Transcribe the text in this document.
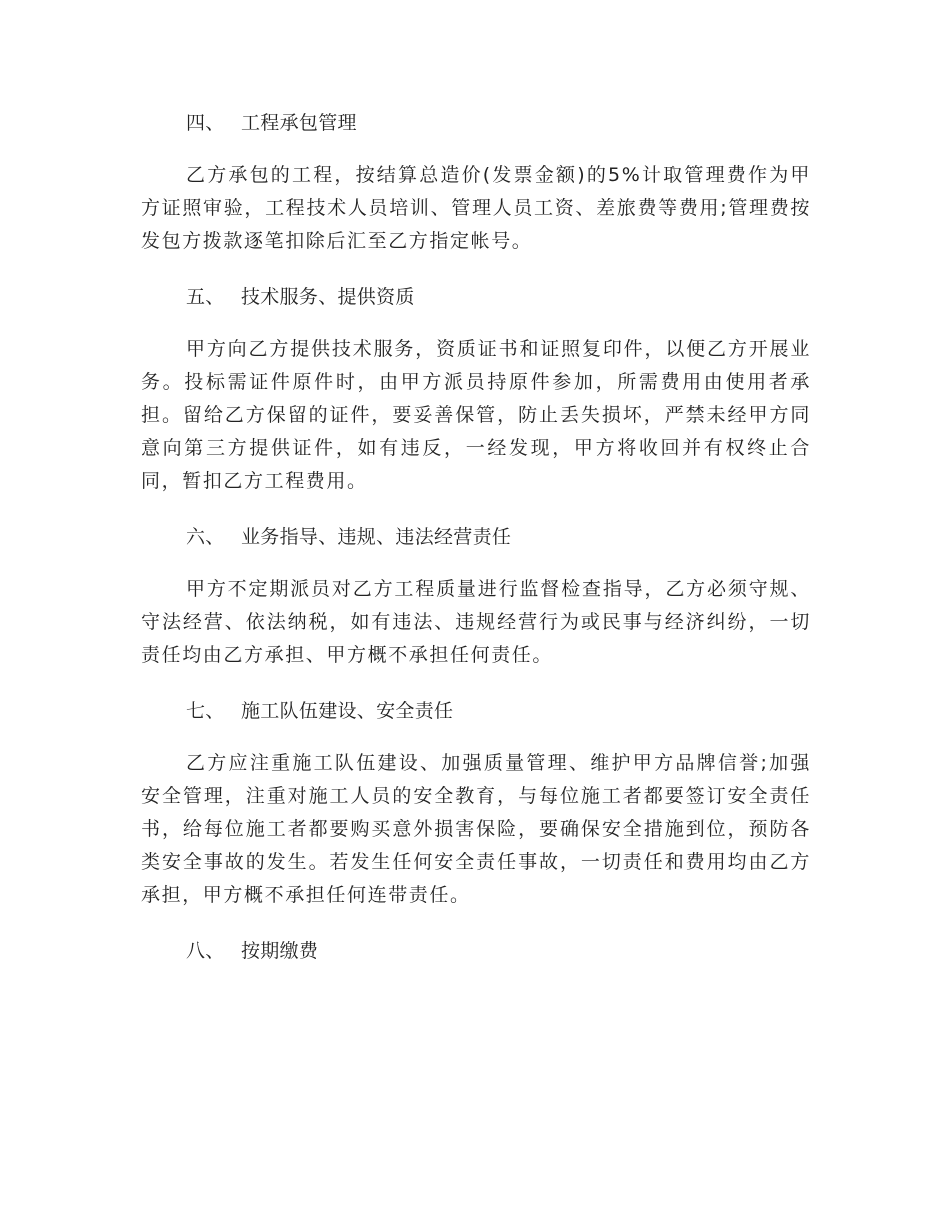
四、 工程承包管理

乙方承包的工程，按结算总造价(发票金额)的5%计取管理费作为甲方证照审验，工程技术人员培训、管理人员工资、差旅费等费用;管理费按发包方拨款逐笔扣除后汇至乙方指定帐号。

五、 技术服务、提供资质

甲方向乙方提供技术服务，资质证书和证照复印件，以便乙方开展业务。投标需证件原件时，由甲方派员持原件参加，所需费用由使用者承担。留给乙方保留的证件，要妥善保管，防止丢失损坏，严禁未经甲方同意向第三方提供证件，如有违反，一经发现，甲方将收回并有权终止合同，暂扣乙方工程费用。

六、 业务指导、违规、违法经营责任

甲方不定期派员对乙方工程质量进行监督检查指导，乙方必须守规、守法经营、依法纳税，如有违法、违规经营行为或民事与经济纠纷，一切责任均由乙方承担、甲方概不承担任何责任。

七、 施工队伍建设、安全责任

乙方应注重施工队伍建设、加强质量管理、维护甲方品牌信誉;加强安全管理，注重对施工人员的安全教育，与每位施工者都要签订安全责任书，给每位施工者都要购买意外损害保险，要确保安全措施到位，预防各类安全事故的发生。若发生任何安全责任事故，一切责任和费用均由乙方承担，甲方概不承担任何连带责任。

八、 按期缴费
